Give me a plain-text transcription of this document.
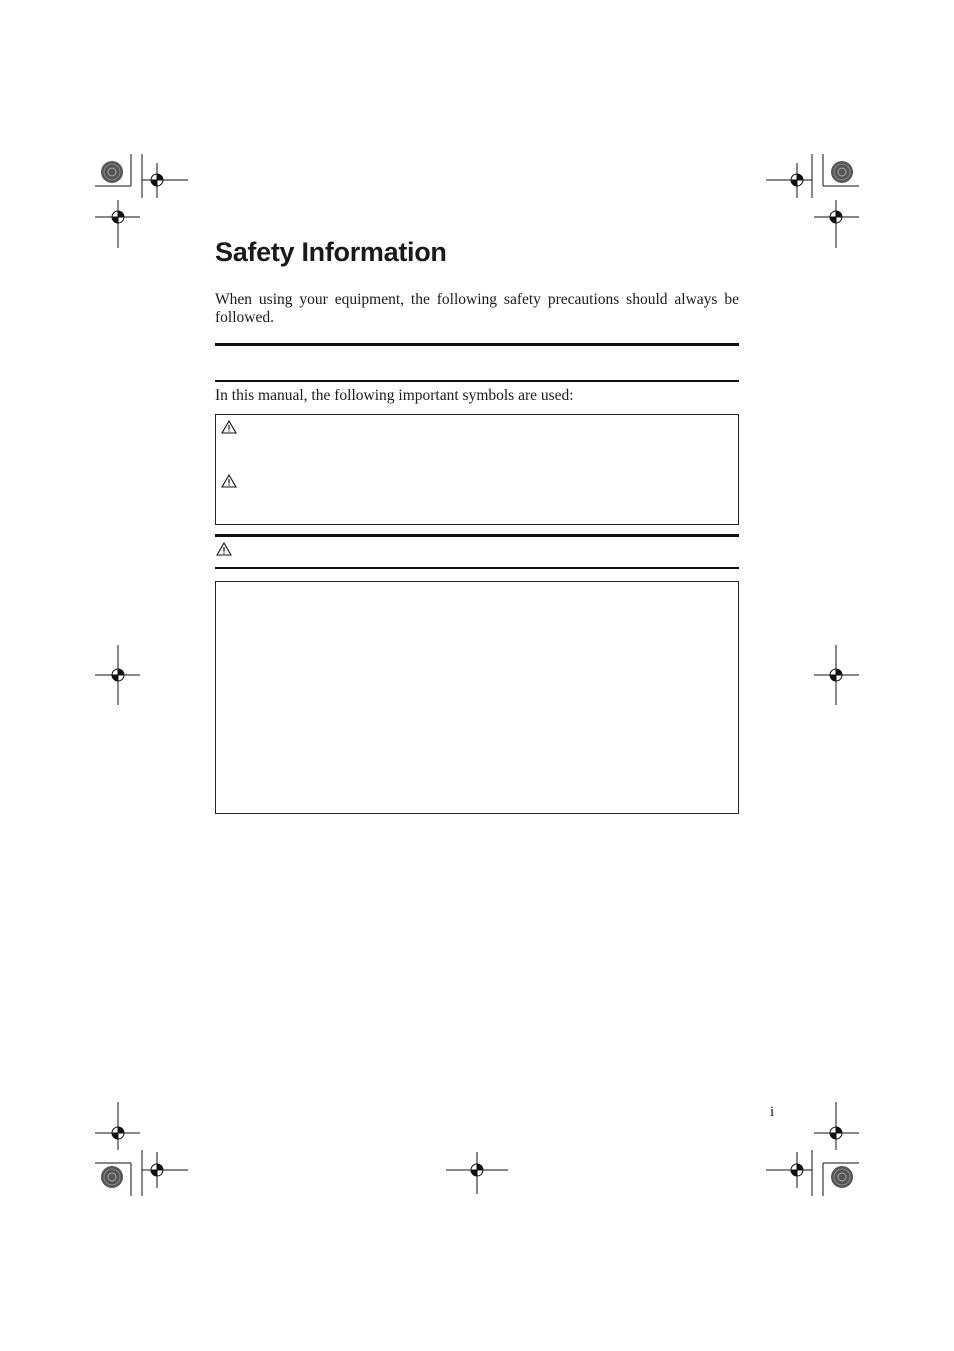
Safety Information

When using your equipment, the following safety precautions should always be followed.

In this manual, the following important symbols are used:

i
